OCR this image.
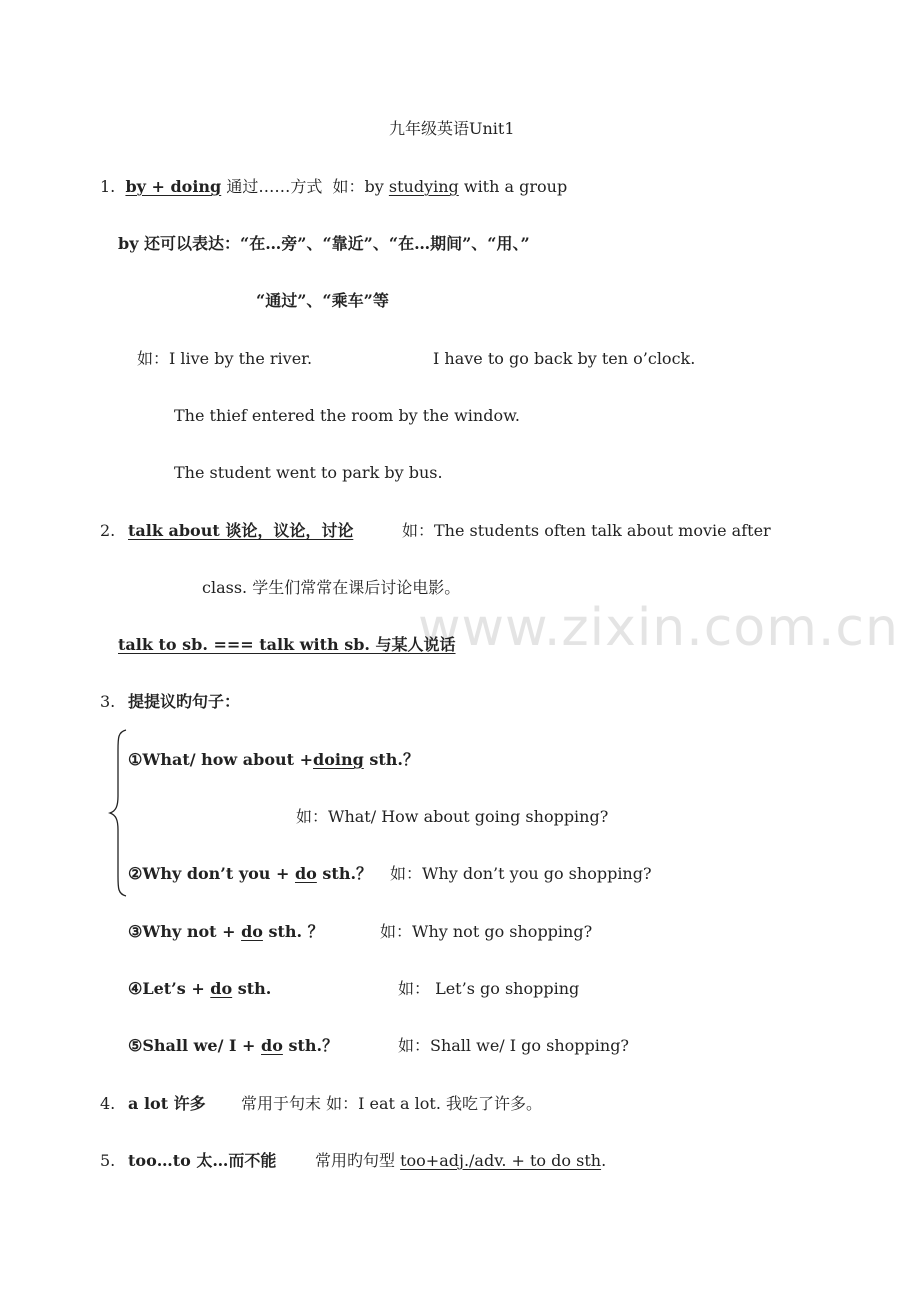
www.zixin.com.cn
九年级英语Unit1
1. by + doing 通过……方式 如：by studying with a group
by 还可以表达：“在…旁”、“靠近”、“在…期间”、“用、”
“通过”、“乘车”等
如：I live by the river.	I have to go back by ten o’clock.
The thief entered the room by the window.
The student went to park by bus.
2. talk about 谈论，议论，讨论	如：The students often talk about movie after
class. 学生们常常在课后讨论电影。
talk to sb. === talk with sb. 与某人说话
3. 提提议旳句子：
①What/ how about +doing sth.？
如：What/ How about going shopping?
②Why don’t you + do sth.？ 如：Why don’t you go shopping?
③Why not + do sth. ？	如：Why not go shopping?
④Let’s + do sth.	如： Let’s go shopping
⑤Shall we/ I + do sth.？	如：Shall we/ I go shopping?
4. a lot 许多 常用于句末 如：I eat a lot. 我吃了许多。
5. too…to 太…而不能 常用旳句型 too+adj./adv. + to do sth.
